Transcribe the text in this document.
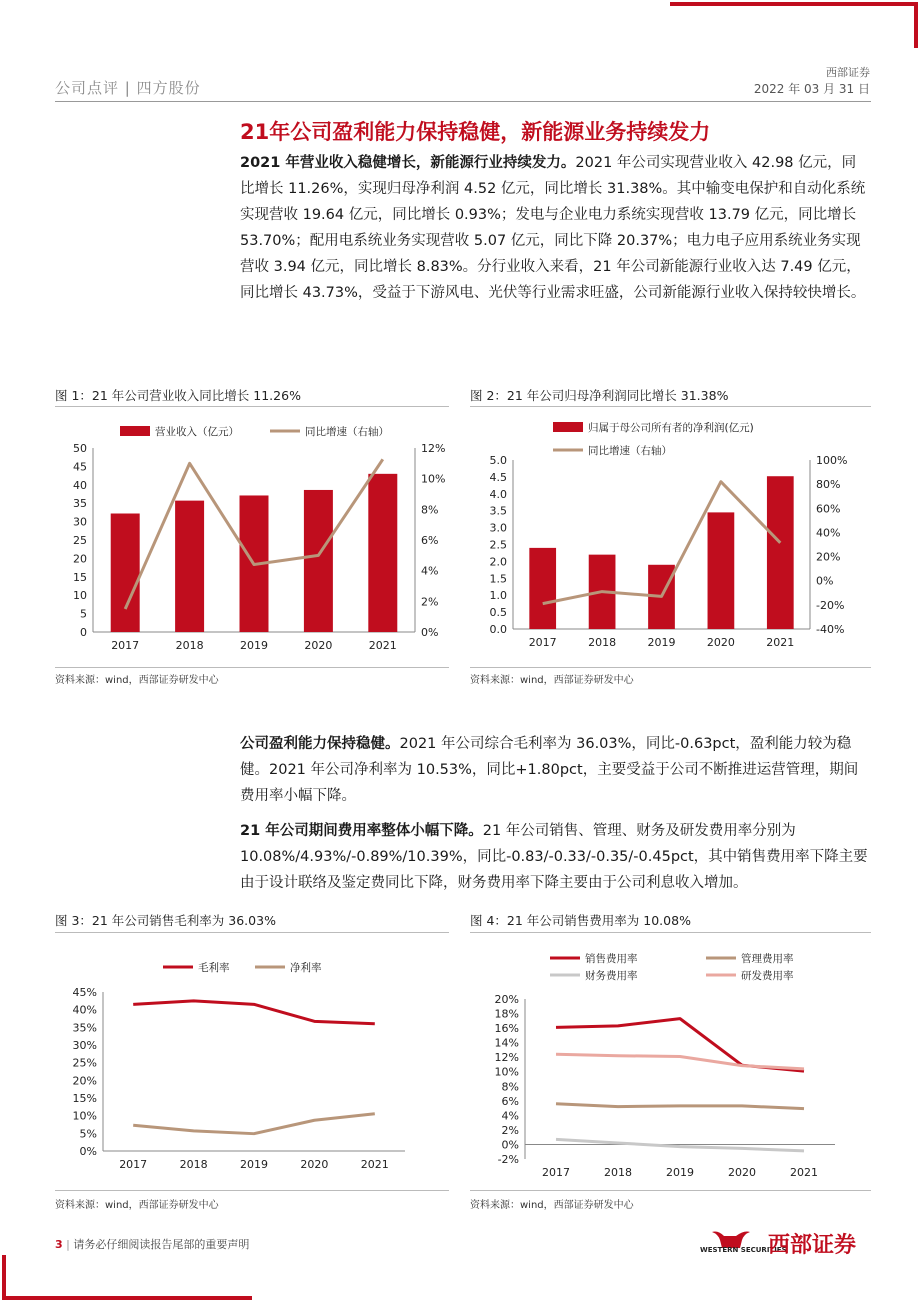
公司点评 | 四方股份
西部证券
2022 年 03 月 31 日
21年公司盈利能力保持稳健，新能源业务持续发力
2021 年营业收入稳健增长，新能源行业持续发力。2021 年公司实现营业收入 42.98 亿元，同比增长 11.26%，实现归母净利润 4.52 亿元，同比增长 31.38%。其中输变电保护和自动化系统实现营收 19.64 亿元，同比增长 0.93%；发电与企业电力系统实现营收 13.79 亿元，同比增长 53.70%；配用电系统业务实现营收 5.07 亿元，同比下降 20.37%；电力电子应用系统业务实现营收 3.94 亿元，同比增长 8.83%。分行业收入来看，21 年公司新能源行业收入达 7.49 亿元，同比增长 43.73%，受益于下游风电、光伏等行业需求旺盛，公司新能源行业收入保持较快增长。
图 1：21 年公司营业收入同比增长 11.26%	图 2：21 年公司归母净利润同比增长 31.38%
0
5
10
15
20
25
30
35
40
45
50
0%
2%
4%
6%
8%
10%
12%
2017	2018	2019	2020	2021
营业收入（亿元）	同比增速（右轴）
0.0
0.5
1.0
1.5
2.0
2.5
3.0
3.5
4.0
4.5
5.0
-40%
-20%
0%
20%
40%
60%
80%
100%
2017	2018	2019	2020	2021
归属于母公司所有者的净利润(亿元)
同比增速（右轴）
资料来源：wind，西部证券研发中心	资料来源：wind，西部证券研发中心
公司盈利能力保持稳健。2021 年公司综合毛利率为 36.03%，同比-0.63pct，盈利能力较为稳健。2021 年公司净利率为 10.53%，同比+1.80pct，主要受益于公司不断推进运营管理，期间费用率小幅下降。
21 年公司期间费用率整体小幅下降。21 年公司销售、管理、财务及研发费用率分别为 10.08%/4.93%/-0.89%/10.39%，同比-0.83/-0.33/-0.35/-0.45pct，其中销售费用率下降主要由于设计联络及鉴定费同比下降，财务费用率下降主要由于公司利息收入增加。
图 3：21 年公司销售毛利率为 36.03%	图 4：21 年公司销售费用率为 10.08%
0%
5%
10%
15%
20%
25%
30%
35%
40%
45%
2017	2018	2019	2020	2021
毛利率	净利率
-2%
0%
2%
4%
6%
8%
10%
12%
14%
16%
18%
20%
2017	2018	2019	2020	2021
销售费用率	管理费用率
财务费用率	研发费用率
资料来源：wind，西部证券研发中心	资料来源：wind，西部证券研发中心
3 | 请务必仔细阅读报告尾部的重要声明	WESTERN SECURITIES
西部证券
